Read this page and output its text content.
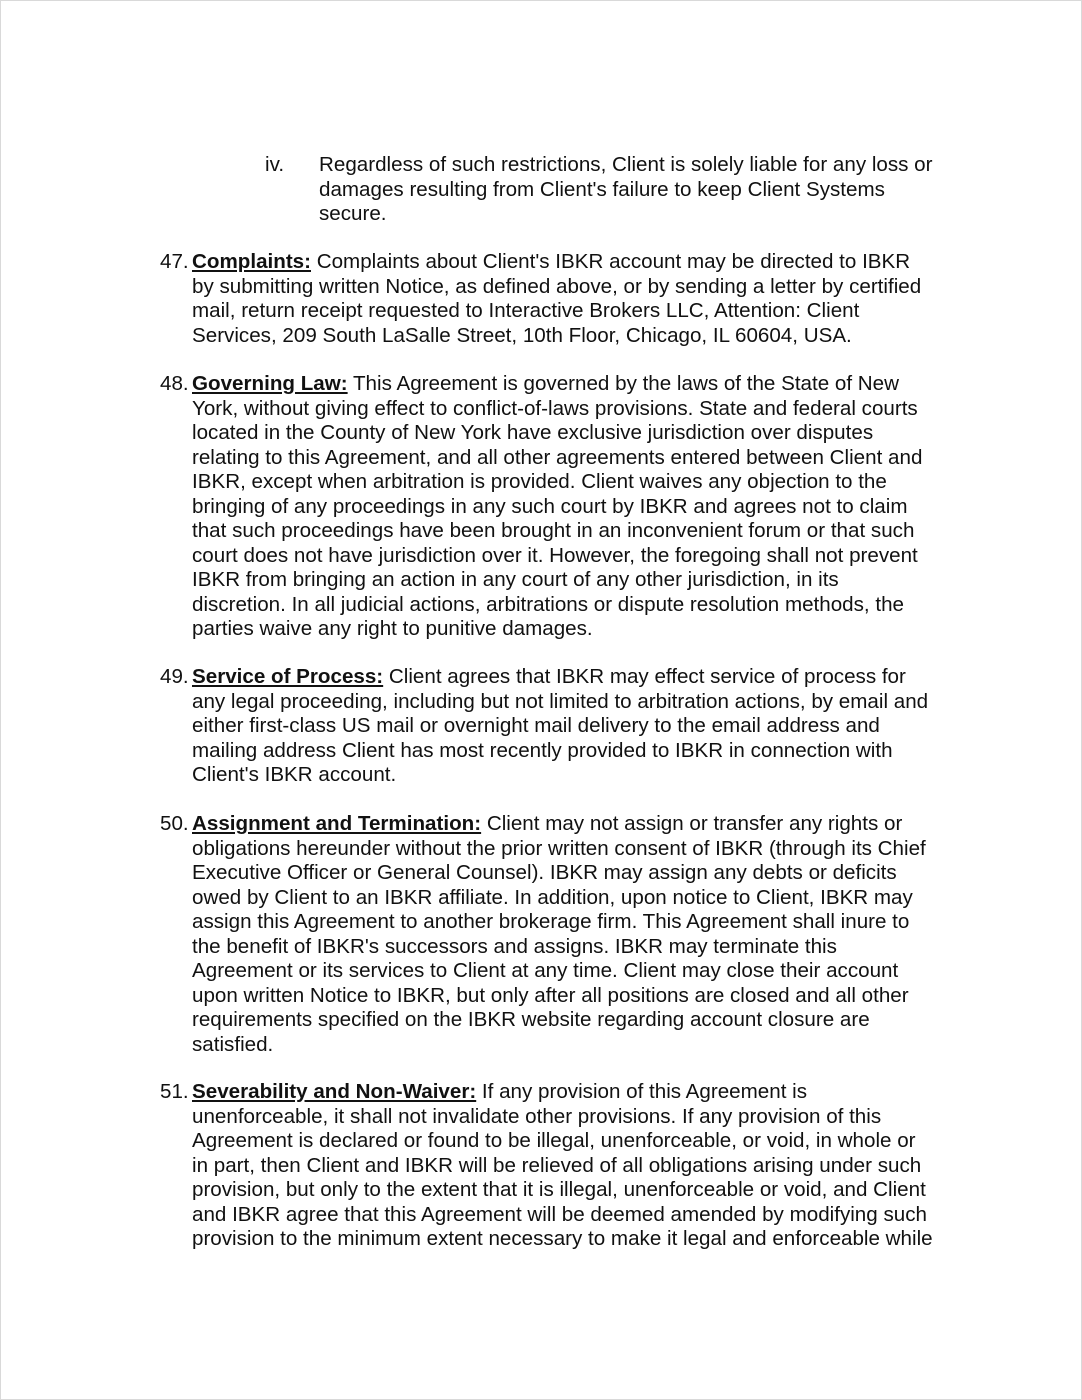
iv.	Regardless of such restrictions, Client is solely liable for any loss or
damages resulting from Client's failure to keep Client Systems
secure.
47. Complaints: Complaints about Client's IBKR account may be directed to IBKR
by submitting written Notice, as defined above, or by sending a letter by certified
mail, return receipt requested to Interactive Brokers LLC, Attention: Client
Services, 209 South LaSalle Street, 10th Floor, Chicago, IL 60604, USA.
48. Governing Law: This Agreement is governed by the laws of the State of New
York, without giving effect to conflict-of-laws provisions. State and federal courts
located in the County of New York have exclusive jurisdiction over disputes
relating to this Agreement, and all other agreements entered between Client and
IBKR, except when arbitration is provided. Client waives any objection to the
bringing of any proceedings in any such court by IBKR and agrees not to claim
that such proceedings have been brought in an inconvenient forum or that such
court does not have jurisdiction over it. However, the foregoing shall not prevent
IBKR from bringing an action in any court of any other jurisdiction, in its
discretion. In all judicial actions, arbitrations or dispute resolution methods, the
parties waive any right to punitive damages.
49. Service of Process: Client agrees that IBKR may effect service of process for
any legal proceeding, including but not limited to arbitration actions, by email and
either first-class US mail or overnight mail delivery to the email address and
mailing address Client has most recently provided to IBKR in connection with
Client's IBKR account.
50. Assignment and Termination: Client may not assign or transfer any rights or
obligations hereunder without the prior written consent of IBKR (through its Chief
Executive Officer or General Counsel). IBKR may assign any debts or deficits
owed by Client to an IBKR affiliate. In addition, upon notice to Client, IBKR may
assign this Agreement to another brokerage firm. This Agreement shall inure to
the benefit of IBKR's successors and assigns. IBKR may terminate this
Agreement or its services to Client at any time. Client may close their account
upon written Notice to IBKR, but only after all positions are closed and all other
requirements specified on the IBKR website regarding account closure are
satisfied.
51. Severability and Non-Waiver: If any provision of this Agreement is
unenforceable, it shall not invalidate other provisions. If any provision of this
Agreement is declared or found to be illegal, unenforceable, or void, in whole or
in part, then Client and IBKR will be relieved of all obligations arising under such
provision, but only to the extent that it is illegal, unenforceable or void, and Client
and IBKR agree that this Agreement will be deemed amended by modifying such
provision to the minimum extent necessary to make it legal and enforceable while
